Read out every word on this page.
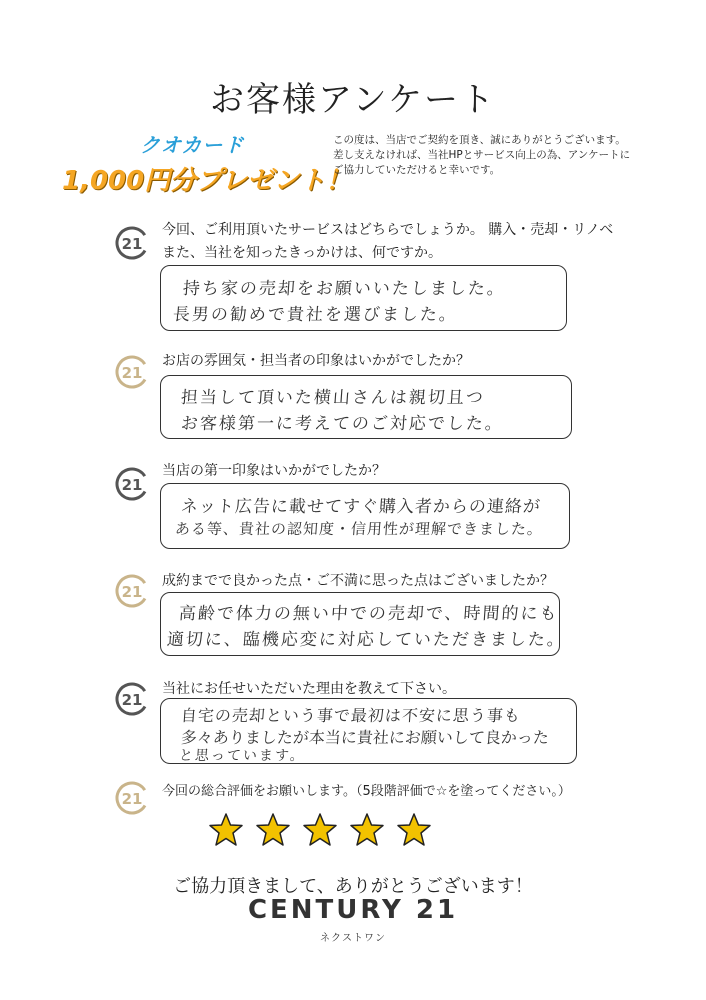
お客様アンケート
クオカード
1,000円分プレゼント！
この度は、当店でご契約を頂き、誠にありがとうございます。
差し支えなければ、当社HPとサービス向上の為、アンケートに
ご協力していただけると幸いです。
21
今回、ご利用頂いたサービスはどちらでしょうか。 購入・売却・リノベ
また、当社を知ったきっかけは、何ですか。
持ち家の売却をお願いいたしました。
長男の勧めで貴社を選びました。
21
お店の雰囲気・担当者の印象はいかがでしたか？
担当して頂いた横山さんは親切且つ
お客様第一に考えてのご対応でした。
21
当店の第一印象はいかがでしたか？
ネット広告に載せてすぐ購入者からの連絡が
ある等、貴社の認知度・信用性が理解できました。
21
成約までで良かった点・ご不満に思った点はございましたか？
高齢で体力の無い中での売却で、時間的にも
適切に、臨機応変に対応していただきました。
21
当社にお任せいただいた理由を教えて下さい。
自宅の売却という事で最初は不安に思う事も
多々ありましたが本当に貴社にお願いして良かった
と思っています。
21 今回の総合評価をお願いします。（5段階評価で☆を塗ってください。）
ご協力頂きまして、ありがとうございます！
CENTURY 21
ネクストワン
